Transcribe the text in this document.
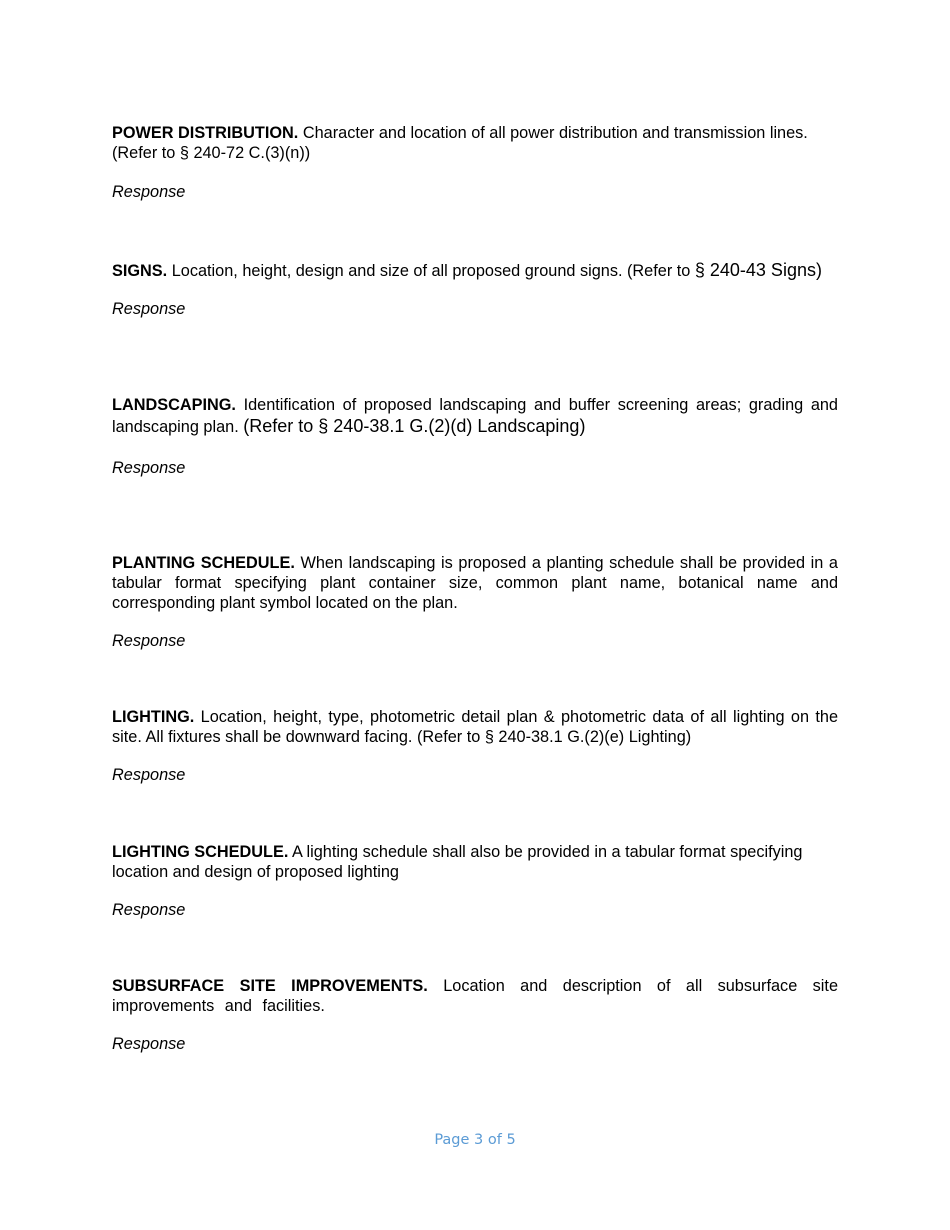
POWER DISTRIBUTION. Character and location of all power distribution and transmission lines. (Refer to § 240-72 C.(3)(n))

Response

SIGNS. Location, height, design and size of all proposed ground signs. (Refer to § 240-43 Signs)

Response

LANDSCAPING. Identification of proposed landscaping and buffer screening areas; grading and landscaping plan. (Refer to § 240-38.1 G.(2)(d) Landscaping)

Response

PLANTING SCHEDULE. When landscaping is proposed a planting schedule shall be provided in a tabular format specifying plant container size, common plant name, botanical name and corresponding plant symbol located on the plan.

Response

LIGHTING. Location, height, type, photometric detail plan & photometric data of all lighting on the site. All fixtures shall be downward facing. (Refer to § 240-38.1 G.(2)(e) Lighting)

Response

LIGHTING SCHEDULE. A lighting schedule shall also be provided in a tabular format specifying location and design of proposed lighting

Response

SUBSURFACE SITE IMPROVEMENTS. Location and description of all subsurface site improvements and facilities.

Response

Page 3 of 5
